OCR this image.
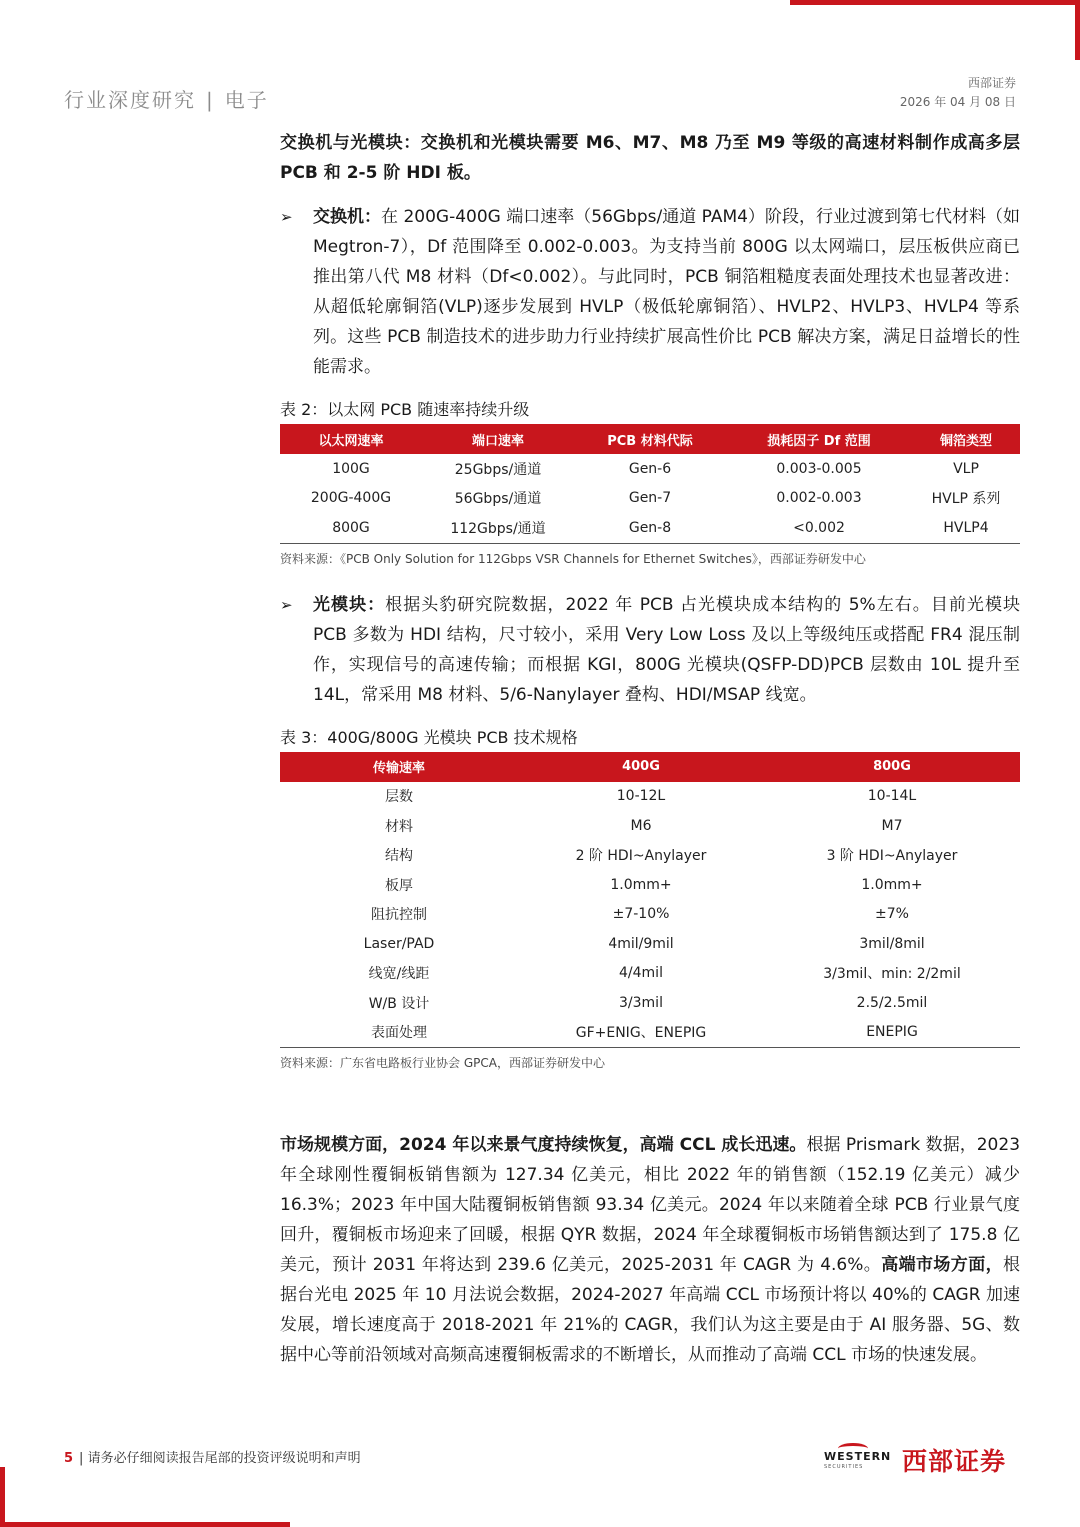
行业深度研究 | 电子
西部证券
2026 年 04 月 08 日

交换机与光模块：交换机和光模块需要 M6、M7、M8 乃至 M9 等级的高速材料制作成高多层 PCB 和 2-5 阶 HDI 板。

➢ 交换机：在 200G-400G 端口速率（56Gbps/通道 PAM4）阶段，行业过渡到第七代材料（如 Megtron-7），Df 范围降至 0.002-0.003。为支持当前 800G 以太网端口，层压板供应商已推出第八代 M8 材料（Df<0.002）。与此同时，PCB 铜箔粗糙度表面处理技术也显著改进：从超低轮廓铜箔(VLP)逐步发展到 HVLP（极低轮廓铜箔）、HVLP2、HVLP3、HVLP4 等系列。这些 PCB 制造技术的进步助力行业持续扩展高性价比 PCB 解决方案，满足日益增长的性能需求。

表 2：以太网 PCB 随速率持续升级

以太网速率	端口速率	PCB 材料代际	损耗因子 Df 范围	铜箔类型
100G	25Gbps/通道	Gen-6	0.003-0.005	VLP
200G-400G	56Gbps/通道	Gen-7	0.002-0.003	HVLP 系列
800G	112Gbps/通道	Gen-8	<0.002	HVLP4

资料来源：《PCB Only Solution for 112Gbps VSR Channels for Ethernet Switches》，西部证券研发中心

➢ 光模块：根据头豹研究院数据，2022 年 PCB 占光模块成本结构的 5%左右。目前光模块 PCB 多数为 HDI 结构，尺寸较小，采用 Very Low Loss 及以上等级纯压或搭配 FR4 混压制作，实现信号的高速传输；而根据 KGI，800G 光模块(QSFP-DD)PCB 层数由 10L 提升至 14L，常采用 M8 材料、5/6-Nanylayer 叠构、HDI/MSAP 线宽。

表 3：400G/800G 光模块 PCB 技术规格

传输速率	400G	800G
层数	10-12L	10-14L
材料	M6	M7
结构	2 阶 HDI~Anylayer	3 阶 HDI~Anylayer
板厚	1.0mm+	1.0mm+
阻抗控制	±7-10%	±7%
Laser/PAD	4mil/9mil	3mil/8mil
线宽/线距	4/4mil	3/3mil、min: 2/2mil
W/B 设计	3/3mil	2.5/2.5mil
表面处理	GF+ENIG、ENEPIG	ENEPIG

资料来源：广东省电路板行业协会 GPCA，西部证券研发中心

市场规模方面，2024 年以来景气度持续恢复，高端 CCL 成长迅速。根据 Prismark 数据，2023 年全球刚性覆铜板销售额为 127.34 亿美元，相比 2022 年的销售额（152.19 亿美元）减少 16.3%；2023 年中国大陆覆铜板销售额 93.34 亿美元。2024 年以来随着全球 PCB 行业景气度回升，覆铜板市场迎来了回暖，根据 QYR 数据，2024 年全球覆铜板市场销售额达到了 175.8 亿美元，预计 2031 年将达到 239.6 亿美元，2025-2031 年 CAGR 为 4.6%。高端市场方面，根据台光电 2025 年 10 月法说会数据，2024-2027 年高端 CCL 市场预计将以 40%的 CAGR 加速发展，增长速度高于 2018-2021 年 21%的 CAGR，我们认为这主要是由于 AI 服务器、5G、数据中心等前沿领域对高频高速覆铜板需求的不断增长，从而推动了高端 CCL 市场的快速发展。

5 | 请务必仔细阅读报告尾部的投资评级说明和声明	WESTERN
SECURITIES 西部证券
